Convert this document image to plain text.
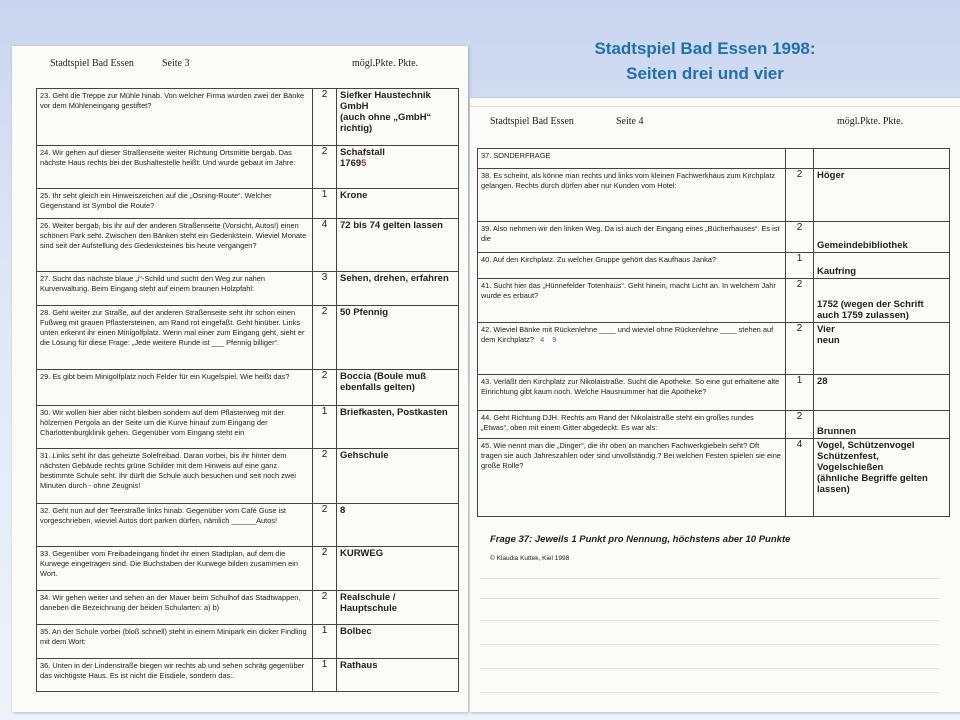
Stadtspiel Bad Essen 1998:
Seiten drei und vier
Stadtspiel Bad Essen	Seite 3	mögl.Pkte. Pkte.
23. Geht die Treppe zur Mühle hinab. Von welcher Firma wurden zwei der Bänke vor dem Mühleneingang gestiftet?	2	Siefker Haustechnik
GmbH
(auch ohne „GmbH“
richtig)

24. Wir gehen auf dieser Straßenseite weiter Richtung Ortsmitte bergab. Das nächste Haus rechts bei der Bushaltestelle heißt: Und wurde gebaut im Jahre:	2	Schafstall
17695

25. Ihr seht gleich ein Hinweiszeichen auf die „Osning-Route“. Welcher Gegenstand ist Symbol die Route?	1	Krone

26. Weiter bergab, bis ihr auf der anderen Straßenseite (Vorsicht, Autos!) einen schönen Park seht. Zwischen den Bänken steht ein Gedenkstein. Wieviel Monate sind seit der Aufstellung des Gedenksteines bis heute vergangen?	4	72 bis 74 gelten lassen

27. Sucht das nächste blaue „i“-Schild und sucht den Weg zur nahen Kurverwaltung. Beim Eingang steht auf einem braunen Holzpfahl:	3	Sehen, drehen, erfahren

28. Geht weiter zur Straße, auf der anderen Straßenseite seht ihr schon einen Fußweg mit grauen Pflastersteinen, am Rand rot eingefaßt. Geht hinüber. Links unten erkennt ihr einen Minigolfplatz. Wenn mal einer zum Eingang geht, sieht er die Lösung für diese Frage: „Jede weitere Runde ist ___ Pfennig billiger“.	2	50 Pfennig

29. Es gibt beim Minigolfplatz noch Felder für ein Kugelspiel. Wie heißt das?	2	Boccia (Boule muß
ebenfalls gelten)

30. Wir wollen hier aber nicht bleiben sondern auf dem Pflasterweg mit der hölzernen Pergola an der Seite um die Kurve hinauf zum Eingang der Charlottenburgklinik gehen. Gegenüber vom Eingang steht ein	1	Briefkasten, Postkasten

31. Links seht ihr das geheizte Solefreibad. Daran vorbei, bis ihr hinter dem nächsten Gebäude rechts grüne Schilder mit dem Hinweis auf eine ganz bestimmte Schule seht. Ihr dürft die Schule auch besuchen und seit noch zwei Minuten durch - ohne Zeugnis!	2	Gehschule

32. Geht nun auf der Teerstraße links hinab. Gegenüber vom Café Guse ist vorgeschrieben, wieviel Autos dort parken dürfen, nämlich ______Autos!	2	8

33. Gegenüber vom Freibadeingang findet ihr einen Stadtplan, auf dem die Kurwege eingetragen sind. Die Buchstaben der Kurwege bilden zusammen ein Wort.	2	KURWEG

34. Wir gehen weiter und sehen an der Mauer beim Schulhof das Stadtwappen, daneben die Bezeichnung der beiden Schularten: a) b)	2	Realschule /
Hauptschule

35. An der Schule vorbei (bloß schnell) steht in einem Minipark ein dicker Findling mit dem Wort:	1	Bolbec

36. Unten in der Lindenstraße biegen wir rechts ab und sehen schräg gegenüber das wichtigste Haus. Es ist nicht die Eisdiele, sondern das:.	1	Rathaus
Stadtspiel Bad Essen	Seite 4	mögl.Pkte. Pkte.
37. SONDERFRAGE		
38. Es scheint, als könne man rechts und links vom kleinen Fachwerkhaus zum Kirchplatz gelangen. Rechts durch dürfen aber nur Kunden vom Hotel:	2	Höger

39. Also nehmen wir den linken Weg. Da ist auch der Eingang eines „Bücherhauses“. Es ist die	2	Gemeindebibliothek

40. Auf den Kirchplatz. Zu welcher Gruppe gehört das Kaufhaus Janka?	1	Kaufring

41. Sucht hier das „Hünnefelder Totenhaus“. Geht hinein, macht Licht an. In welchem Jahr wurde es erbaut?	2	1752 (wegen der Schrift
auch 1759 zulassen)

42. Wieviel Bänke mit Rückenlehne ____ und wieviel ohne Rückenlehne ____ stehen auf dem Kirchplatz? 4 9	2	Vier
neun

43. Verläßt den Kirchplatz zur Nikolaistraße. Sucht die Apotheke. So eine gut erhaltene alte Einrichtung gibt kaum noch. Welche Hausnummer hat die Apotheke?	1	28

44. Geht Richtung DJH. Rechts am Rand der Nikolaistraße steht ein großes rundes „Etwas“, oben mit einem Gitter abgedeckt. Es war als:	2	Brunnen

45. Wie nennt man die „Dinger“, die ihr oben an manchen Fachwerkgiebeln seht? Oft tragen sie auch Jahreszahlen oder sind unvollständig.? Bei welchen Festen spielen sie eine große Rolle?	4	Vogel, Schützenvogel
Schützenfest,
Vogelschießen
(ähnliche Begriffe gelten
lassen)
Frage 37: Jeweils 1 Punkt pro Nennung, höchstens aber 10 Punkte
© Klaudia Kuttek, Kiel 1998
